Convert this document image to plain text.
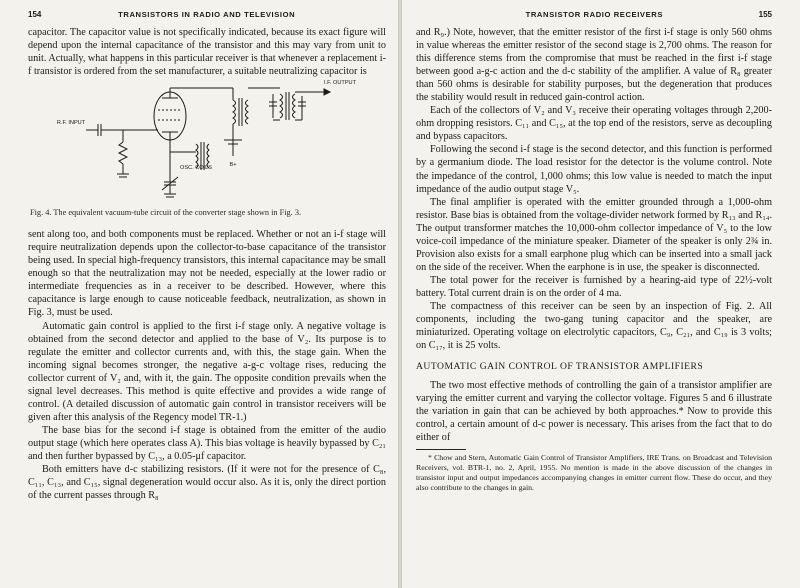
154	TRANSISTORS IN RADIO AND TELEVISION

capacitor. The capacitor value is not specifically indicated, because its exact figure will depend upon the internal capacitance of the transistor and this may vary from unit to unit. Actually, what happens in this particular receiver is that whenever a replacement i-f transistor is ordered from the set manufacturer, a suitable neutralizing capacitor is

R.F. INPUT
OSC. COILS
I.F. OUTPUT
B+
Fig. 4. The equivalent vacuum-tube circuit of the converter stage shown in Fig. 3.

sent along too, and both components must be replaced. Whether or not an i-f stage will require neutralization depends upon the collector-to-base capacitance of the transistor being used. In special high-frequency transistors, this internal capacitance may be small enough so that the neutralization may not be needed, especially at the lower radio or intermediate frequencies as in a receiver to be described. However, where this capacitance is large enough to cause noticeable feedback, neutralization, as shown in Fig. 3, must be used.

Automatic gain control is applied to the first i-f stage only. A negative voltage is obtained from the second detector and applied to the base of V₂. Its purpose is to regulate the emitter and collector currents and, with this, the stage gain. When the incoming signal becomes stronger, the negative a-g-c voltage rises, reducing the collector current of V₂ and, with it, the gain. The opposite condition prevails when the signal level decreases. This method is quite effective and provides a wide range of control. (A detailed discussion of automatic gain control in transistor receivers will be given after this analysis of the Regency model TR-1.)

The base bias for the second i-f stage is obtained from the emitter of the audio output stage (which here operates class A). This bias voltage is heavily bypassed by C₂₁ and then further bypassed by C₁₃, a 0.05-μf capacitor.

Both emitters have d-c stabilizing resistors. (If it were not for the presence of C₈, C₁₁, C₁₃, and C₁₅, signal degeneration would occur also. As it is, only the direct portion of the current passes through R₈

TRANSISTOR RADIO RECEIVERS	155

and R₉.) Note, however, that the emitter resistor of the first i-f stage is only 560 ohms in value whereas the emitter resistor of the second stage is 2,700 ohms. The reason for this difference stems from the compromise that must be reached in the first i-f stage between good a-g-c action and the d-c stability of the amplifier. A value of R₈ greater than 560 ohms is desirable for stability purposes, but the degeneration that produces the stability would result in reduced gain-control action.

Each of the collectors of V₂ and V₃ receive their operating voltages through 2,200-ohm dropping resistors. C₁₁ and C₁₅, at the top end of the resistors, serve as decoupling and bypass capacitors.

Following the second i-f stage is the second detector, and this function is performed by a germanium diode. The load resistor for the detector is the volume control. Note the impedance of the control, 1,000 ohms; this low value is needed to match the input impedance of the audio output stage V₅.

The final amplifier is operated with the emitter grounded through a 1,000-ohm resistor. Base bias is obtained from the voltage-divider network formed by R₁₃ and R₁₄. The output transformer matches the 10,000-ohm collector impedance of V₅ to the low voice-coil impedance of the miniature speaker. Diameter of the speaker is only 2¾ in. Provision also exists for a small earphone plug which can be inserted into a small jack on the side of the receiver. When the earphone is in use, the speaker is disconnected.

The total power for the receiver is furnished by a hearing-aid type of 22½-volt battery. Total current drain is on the order of 4 ma.

The compactness of this receiver can be seen by an inspection of Fig. 2. All components, including the two-gang tuning capacitor and the speaker, are miniaturized. Operating voltage on electrolytic capacitors, C₉, C₂₁, and C₁₉ is 3 volts; on C₁₇, it is 25 volts.

AUTOMATIC GAIN CONTROL OF TRANSISTOR AMPLIFIERS

The two most effective methods of controlling the gain of a transistor amplifier are varying the emitter current and varying the collector voltage. Figures 5 and 6 illustrate the variation in gain that can be achieved by both approaches.* Now to provide this control, a certain amount of d-c power is necessary. This arises from the fact that to do either of

* Chow and Stern, Automatic Gain Control of Transistor Amplifiers, IRE Trans. on Broadcast and Television Receivers, vol. BTR-1, no. 2, April, 1955. No mention is made in the above discussion of the changes in transistor input and output impedances accompanying changes in emitter current flow. These do occur, and they also contribute to the changes in gain.
